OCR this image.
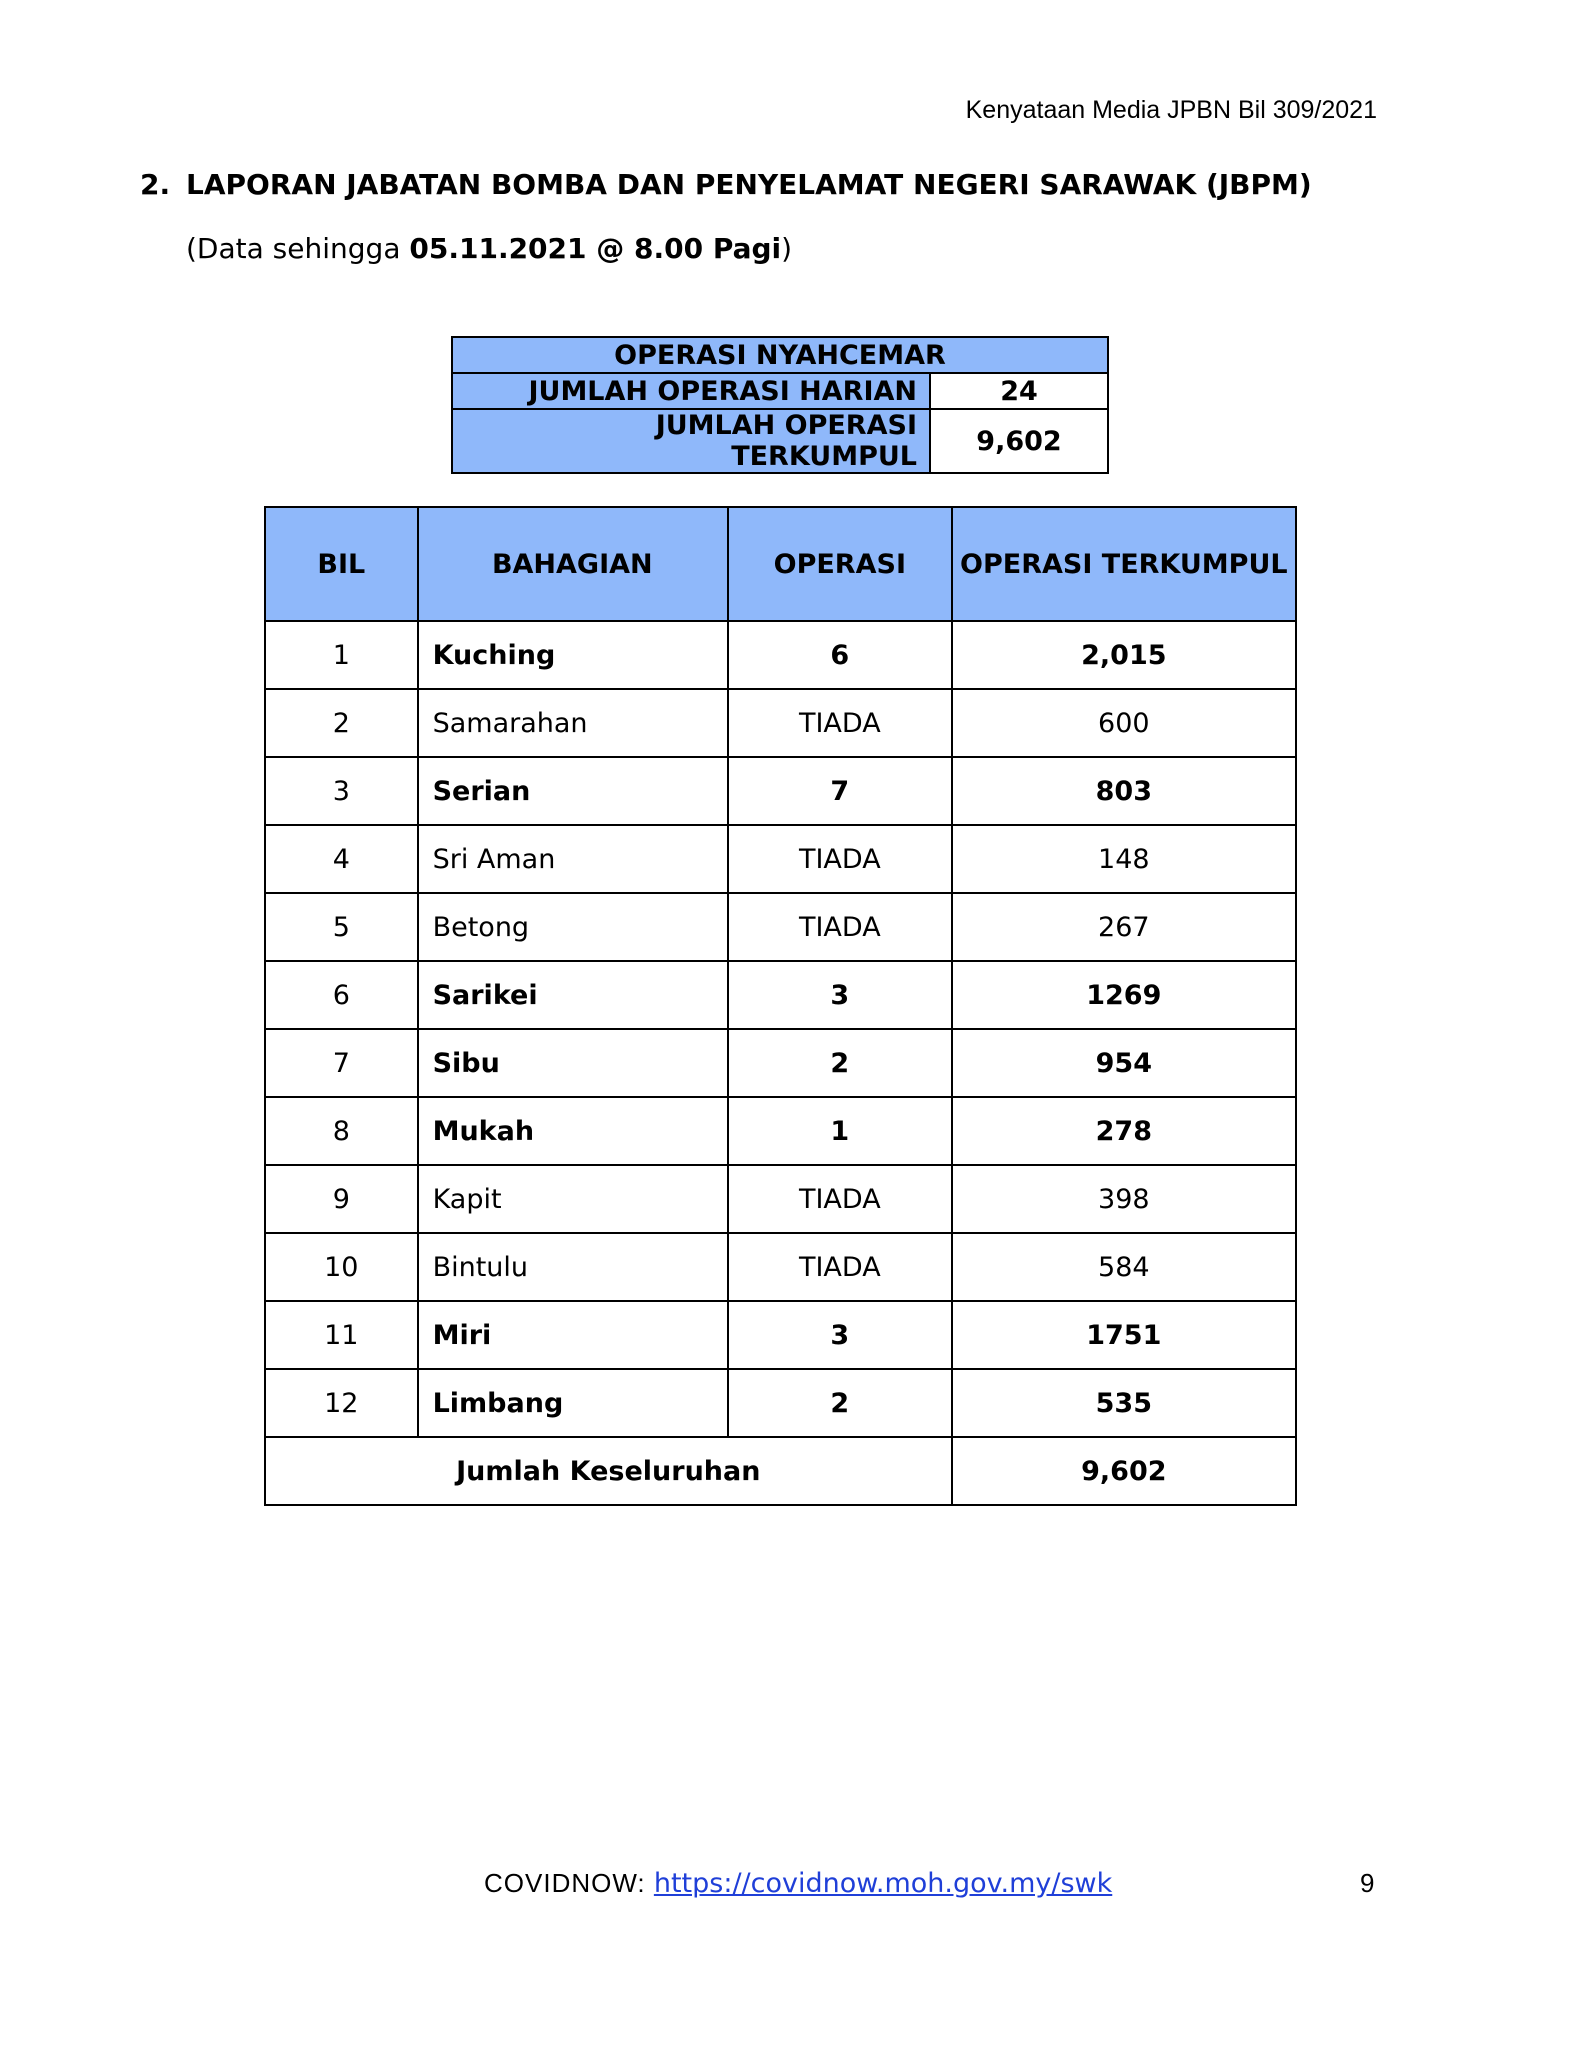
Kenyataan Media JPBN Bil 309/2021
2. LAPORAN JABATAN BOMBA DAN PENYELAMAT NEGERI SARAWAK (JBPM)
(Data sehingga 05.11.2021 @ 8.00 Pagi)
OPERASI NYAHCEMAR	
JUMLAH OPERASI HARIAN	24
JUMLAH OPERASI TERKUMPUL	9,602
BIL	BAHAGIAN	OPERASI	OPERASI TERKUMPUL
1	Kuching	6	2,015
2	Samarahan	TIADA	600
3	Serian	7	803
4	Sri Aman	TIADA	148
5	Betong	TIADA	267
6	Sarikei	3	1269
7	Sibu	2	954
8	Mukah	1	278
9	Kapit	TIADA	398
10	Bintulu	TIADA	584
11	Miri	3	1751
12	Limbang	2	535
Jumlah Keseluruhan			9,602
COVIDNOW: https://covidnow.moh.gov.my/swk	9
